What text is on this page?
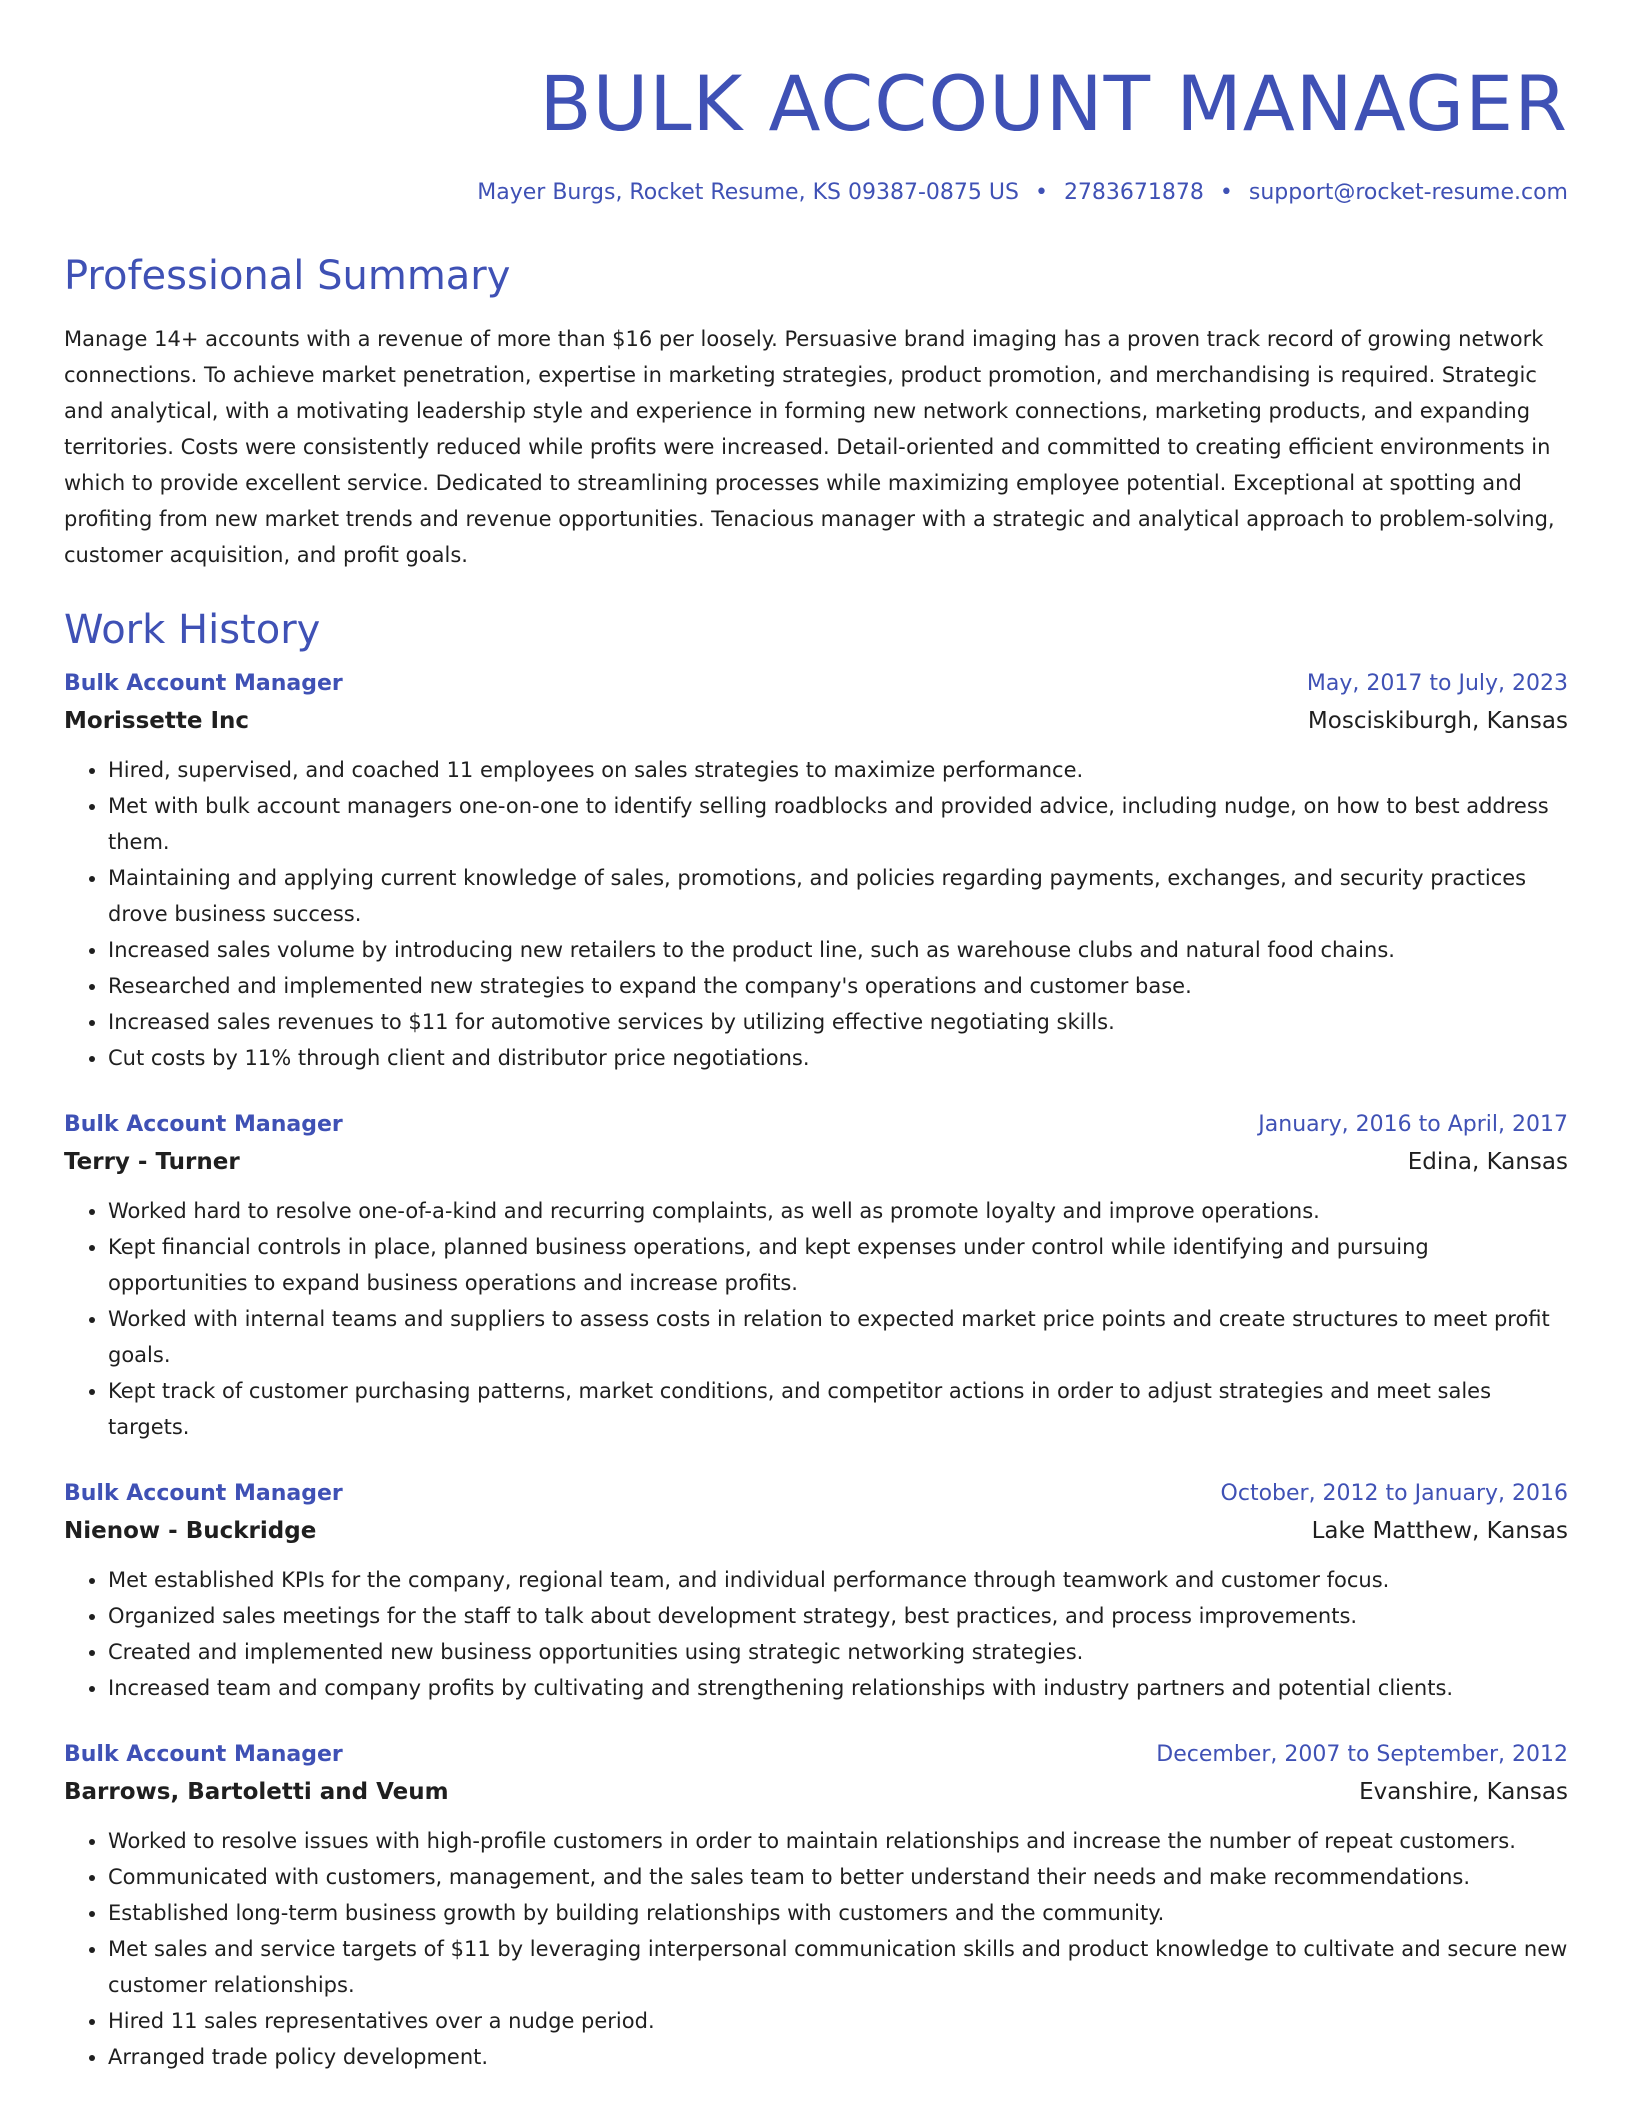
BULK ACCOUNT MANAGER
Mayer Burgs, Rocket Resume, KS 09387-0875 US • 2783671878 • support@rocket-resume.com
Professional Summary
Manage 14+ accounts with a revenue of more than $16 per loosely. Persuasive brand imaging has a proven track record of growing network connections. To achieve market penetration, expertise in marketing strategies, product promotion, and merchandising is required. Strategic and analytical, with a motivating leadership style and experience in forming new network connections, marketing products, and expanding territories. Costs were consistently reduced while profits were increased. Detail-oriented and committed to creating efficient environments in which to provide excellent service. Dedicated to streamlining processes while maximizing employee potential. Exceptional at spotting and profiting from new market trends and revenue opportunities. Tenacious manager with a strategic and analytical approach to problem-solving, customer acquisition, and profit goals.
Work History
Bulk Account Manager	May, 2017 to July, 2023
Morissette Inc	Mosciskiburgh, Kansas
• Hired, supervised, and coached 11 employees on sales strategies to maximize performance.
• Met with bulk account managers one-on-one to identify selling roadblocks and provided advice, including nudge, on how to best address them.
• Maintaining and applying current knowledge of sales, promotions, and policies regarding payments, exchanges, and security practices drove business success.
• Increased sales volume by introducing new retailers to the product line, such as warehouse clubs and natural food chains.
• Researched and implemented new strategies to expand the company's operations and customer base.
• Increased sales revenues to $11 for automotive services by utilizing effective negotiating skills.
• Cut costs by 11% through client and distributor price negotiations.
Bulk Account Manager	January, 2016 to April, 2017
Terry - Turner	Edina, Kansas
• Worked hard to resolve one-of-a-kind and recurring complaints, as well as promote loyalty and improve operations.
• Kept financial controls in place, planned business operations, and kept expenses under control while identifying and pursuing opportunities to expand business operations and increase profits.
• Worked with internal teams and suppliers to assess costs in relation to expected market price points and create structures to meet profit goals.
• Kept track of customer purchasing patterns, market conditions, and competitor actions in order to adjust strategies and meet sales targets.
Bulk Account Manager	October, 2012 to January, 2016
Nienow - Buckridge	Lake Matthew, Kansas
• Met established KPIs for the company, regional team, and individual performance through teamwork and customer focus.
• Organized sales meetings for the staff to talk about development strategy, best practices, and process improvements.
• Created and implemented new business opportunities using strategic networking strategies.
• Increased team and company profits by cultivating and strengthening relationships with industry partners and potential clients.
Bulk Account Manager	December, 2007 to September, 2012
Barrows, Bartoletti and Veum	Evanshire, Kansas
• Worked to resolve issues with high-profile customers in order to maintain relationships and increase the number of repeat customers.
• Communicated with customers, management, and the sales team to better understand their needs and make recommendations.
• Established long-term business growth by building relationships with customers and the community.
• Met sales and service targets of $11 by leveraging interpersonal communication skills and product knowledge to cultivate and secure new customer relationships.
• Hired 11 sales representatives over a nudge period.
• Arranged trade policy development.
